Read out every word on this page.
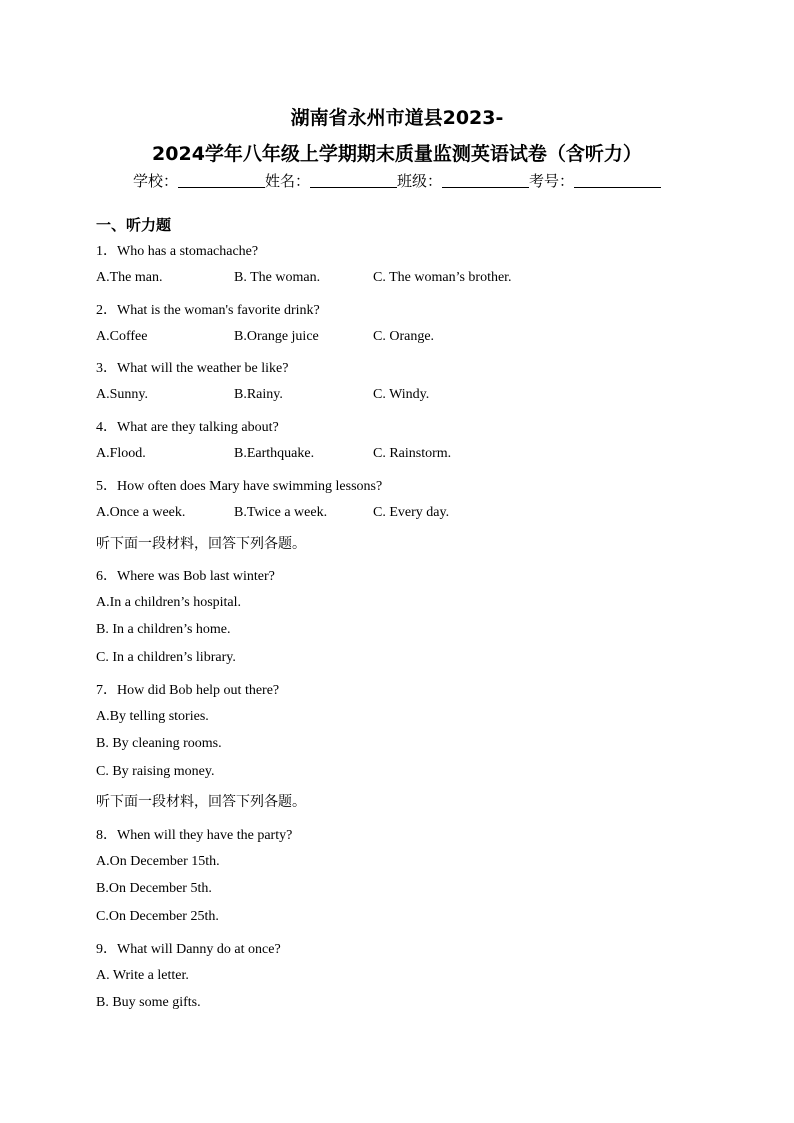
湖南省永州市道县2023-
2024学年八年级上学期期末质量监测英语试卷（含听力）
学校：	姓名：	班级：	考号：
一、听力题
1．Who has a stomachache?
A.The man.	B. The woman.	C. The woman’s brother.
2．What is the woman's favorite drink?
A.Coffee	B.Orange juice	C. Orange.
3．What will the weather be like?
A.Sunny.	B.Rainy.	C. Windy.
4．What are they talking about?
A.Flood.	B.Earthquake.	C. Rainstorm.
5．How often does Mary have swimming lessons?
A.Once a week.	B.Twice a week.	C. Every day.
听下面一段材料，回答下列各题。
6．Where was Bob last winter?
A.In a children’s hospital.
B. In a children’s home.
C. In a children’s library.
7．How did Bob help out there?
A.By telling stories.
B. By cleaning rooms.
C. By raising money.
听下面一段材料，回答下列各题。
8．When will they have the party?
A.On December 15th.
B.On December 5th.
C.On December 25th.
9．What will Danny do at once?
A. Write a letter.
B. Buy some gifts.
